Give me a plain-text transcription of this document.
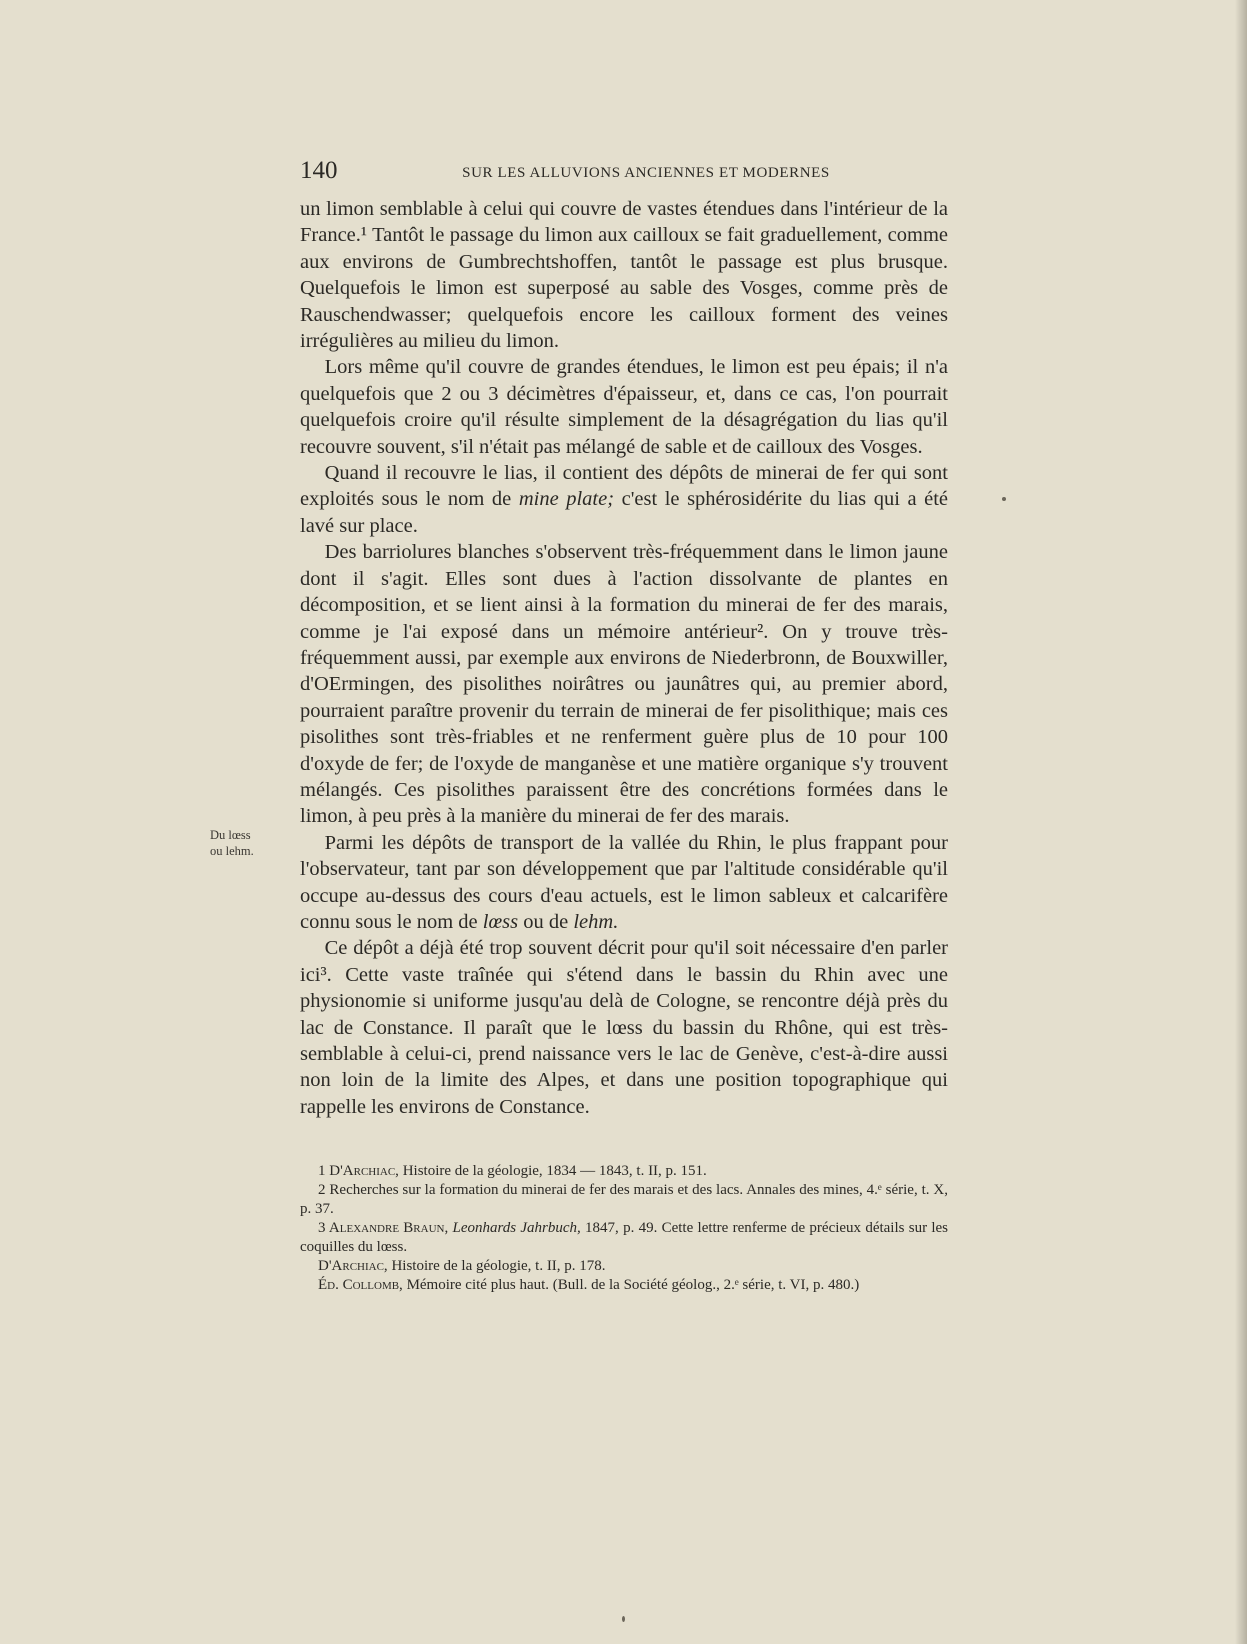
140	SUR LES ALLUVIONS ANCIENNES ET MODERNES
Du lœss
ou lehm.

un limon semblable à celui qui couvre de vastes étendues dans l'intérieur de la France.¹ Tantôt le passage du limon aux cailloux se fait graduellement, comme aux environs de Gumbrechtshoffen, tantôt le passage est plus brusque. Quelquefois le limon est superposé au sable des Vosges, comme près de Rauschendwasser; quelquefois encore les cailloux forment des veines irrégulières au milieu du limon.

Lors même qu'il couvre de grandes étendues, le limon est peu épais; il n'a quelquefois que 2 ou 3 décimètres d'épaisseur, et, dans ce cas, l'on pourrait quelquefois croire qu'il résulte simplement de la désagrégation du lias qu'il recouvre souvent, s'il n'était pas mélangé de sable et de cailloux des Vosges.

Quand il recouvre le lias, il contient des dépôts de minerai de fer qui sont exploités sous le nom de mine plate; c'est le sphérosidérite du lias qui a été lavé sur place.

Des barriolures blanches s'observent très-fréquemment dans le limon jaune dont il s'agit. Elles sont dues à l'action dissolvante de plantes en décomposition, et se lient ainsi à la formation du minerai de fer des marais, comme je l'ai exposé dans un mémoire antérieur². On y trouve très-fréquemment aussi, par exemple aux environs de Niederbronn, de Bouxwiller, d'OErmingen, des pisolithes noirâtres ou jaunâtres qui, au premier abord, pourraient paraître provenir du terrain de minerai de fer pisolithique; mais ces pisolithes sont très-friables et ne renferment guère plus de 10 pour 100 d'oxyde de fer; de l'oxyde de manganèse et une matière organique s'y trouvent mélangés. Ces pisolithes paraissent être des concrétions formées dans le limon, à peu près à la manière du minerai de fer des marais.

Parmi les dépôts de transport de la vallée du Rhin, le plus frappant pour l'observateur, tant par son développement que par l'altitude considérable qu'il occupe au-dessus des cours d'eau actuels, est le limon sableux et calcarifère connu sous le nom de lœss ou de lehm.

Ce dépôt a déjà été trop souvent décrit pour qu'il soit nécessaire d'en parler ici³. Cette vaste traînée qui s'étend dans le bassin du Rhin avec une physionomie si uniforme jusqu'au delà de Cologne, se rencontre déjà près du lac de Constance. Il paraît que le lœss du bassin du Rhône, qui est très-semblable à celui-ci, prend naissance vers le lac de Genève, c'est-à-dire aussi non loin de la limite des Alpes, et dans une position topographique qui rappelle les environs de Constance.

1 D'Archiac, Histoire de la géologie, 1834 — 1843, t. II, p. 151.

2 Recherches sur la formation du minerai de fer des marais et des lacs. Annales des mines, 4.ᵉ série, t. X, p. 37.

3 Alexandre Braun, Leonhards Jahrbuch, 1847, p. 49. Cette lettre renferme de précieux détails sur les coquilles du lœss.

D'Archiac, Histoire de la géologie, t. II, p. 178.

Éd. Collomb, Mémoire cité plus haut. (Bull. de la Société géolog., 2.ᵉ série, t. VI, p. 480.)
